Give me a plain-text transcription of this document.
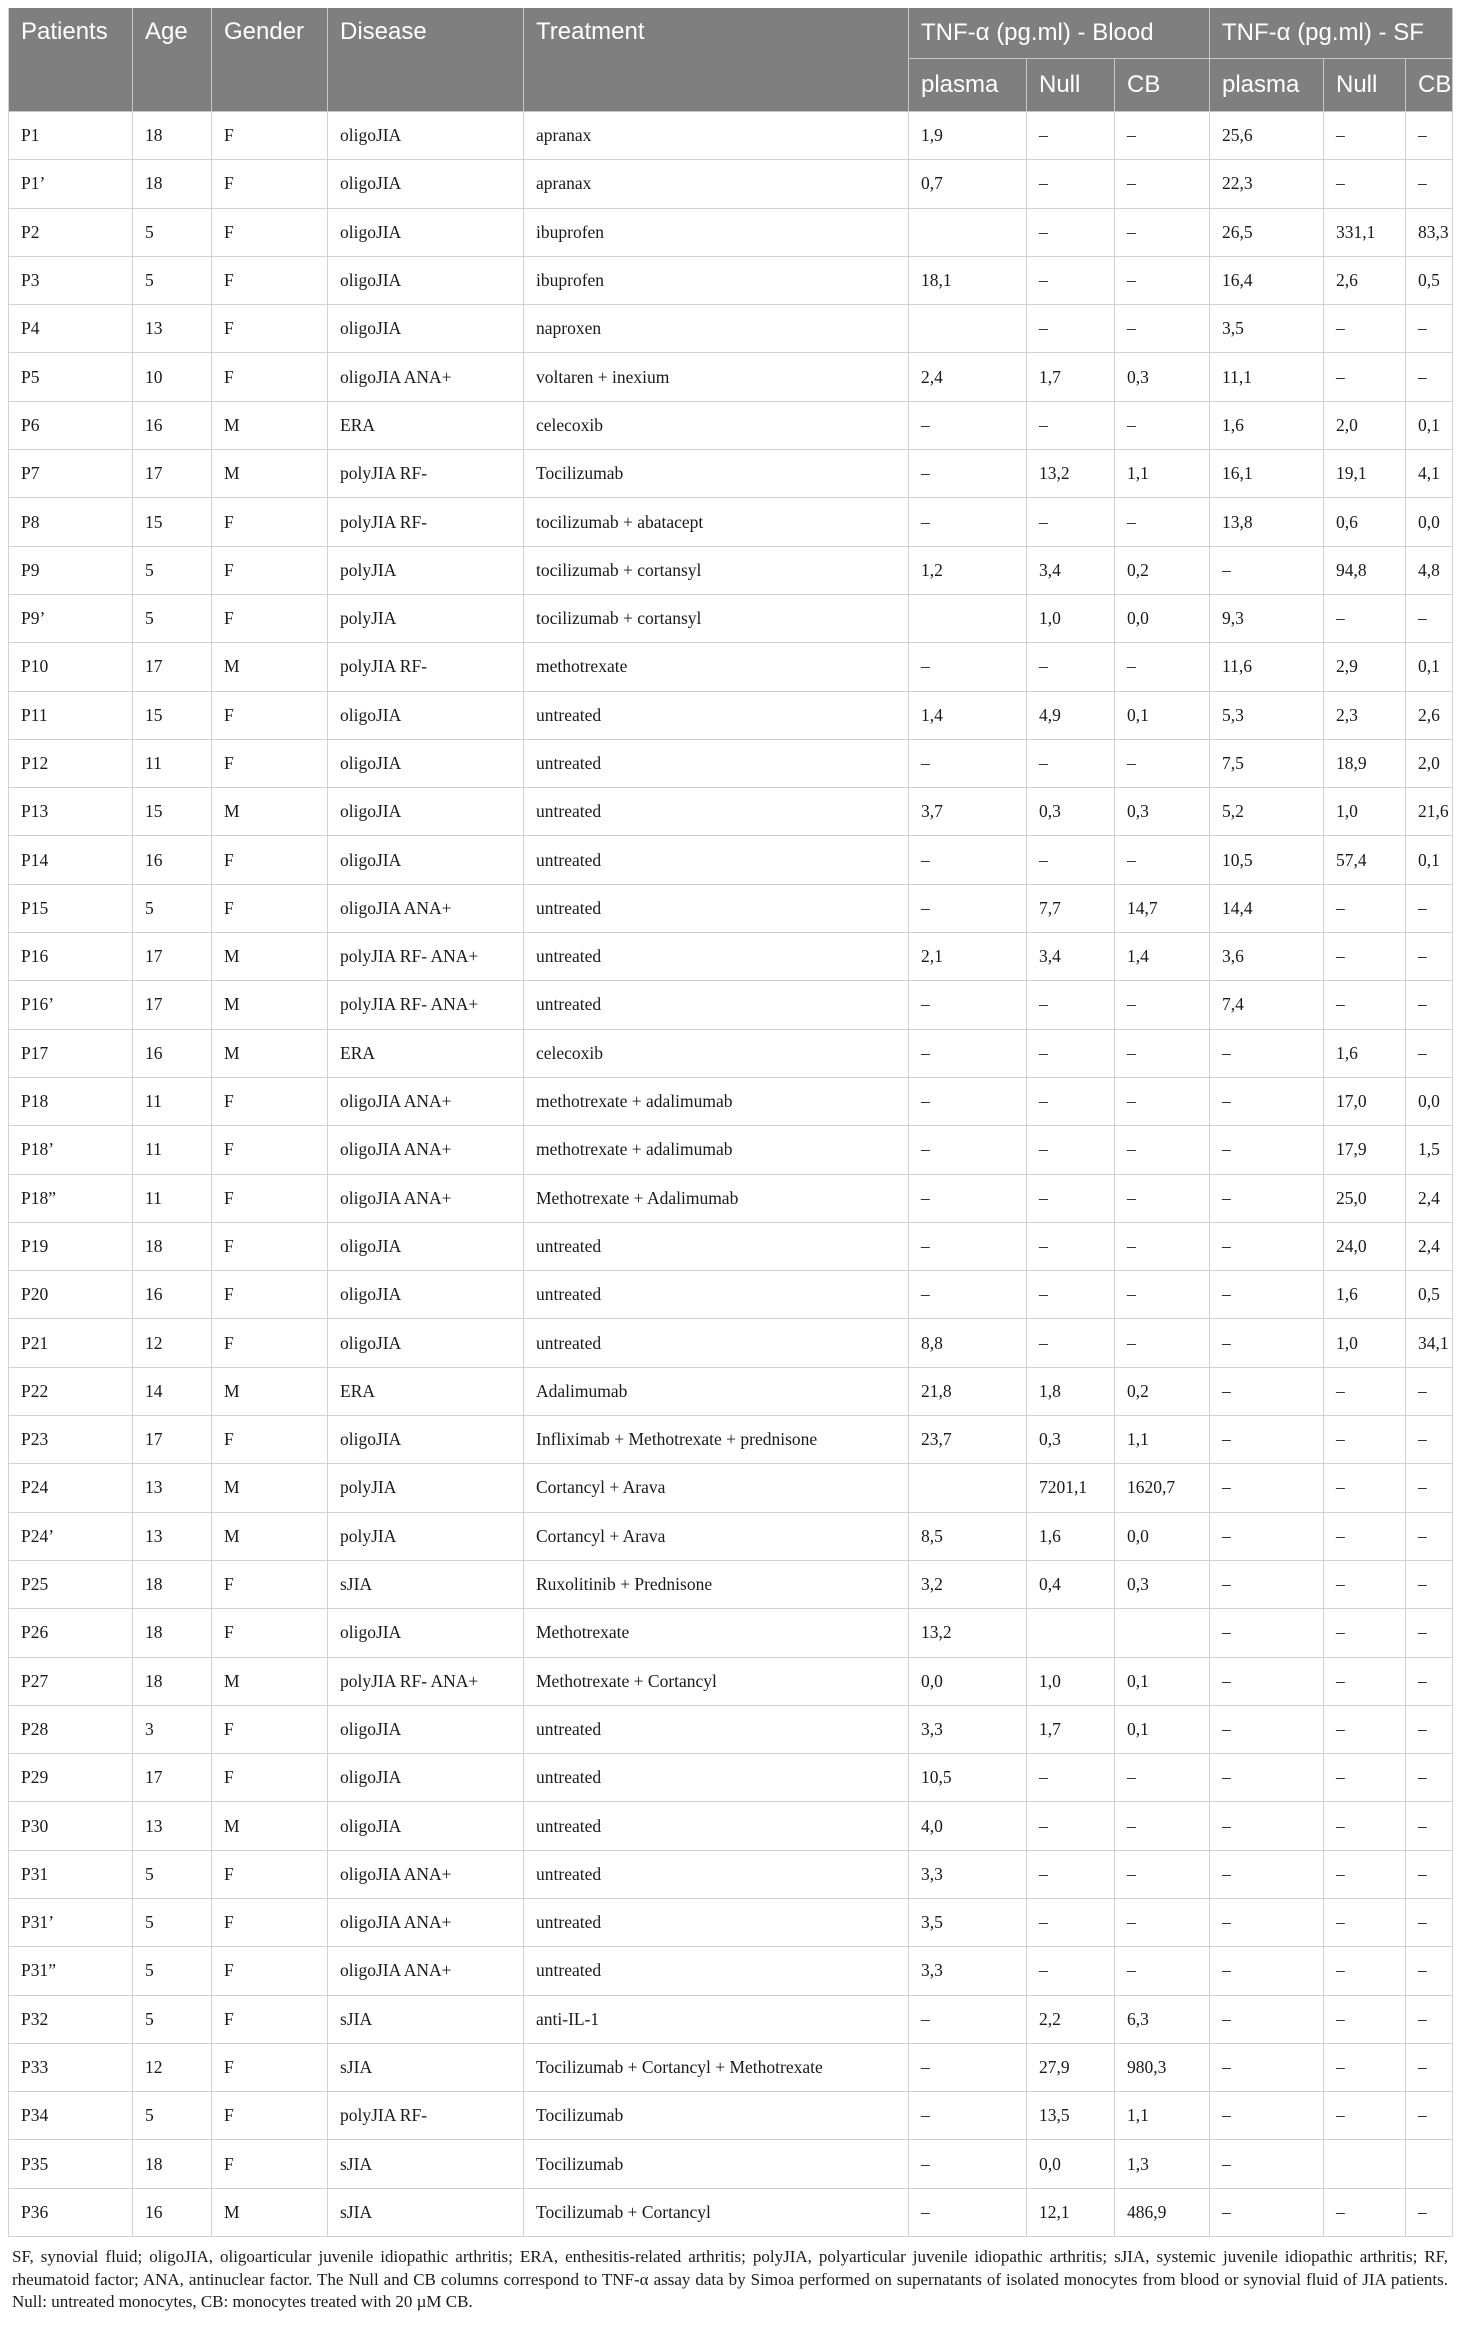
Patients	Age	Gender	Disease	Treatment	TNF-α (pg.ml) - Blood			TNF-α (pg.ml) - SF		
					plasma	Null	CB	plasma	Null	CB
P1	18	F	oligoJIA	apranax	1,9	–	–	25,6	–	–
P1’	18	F	oligoJIA	apranax	0,7	–	–	22,3	–	–
P2	5	F	oligoJIA	ibuprofen		–	–	26,5	331,1	83,3
P3	5	F	oligoJIA	ibuprofen	18,1	–	–	16,4	2,6	0,5
P4	13	F	oligoJIA	naproxen		–	–	3,5	–	–
P5	10	F	oligoJIA ANA+	voltaren + inexium	2,4	1,7	0,3	11,1	–	–
P6	16	M	ERA	celecoxib	–	–	–	1,6	2,0	0,1
P7	17	M	polyJIA RF-	Tocilizumab	–	13,2	1,1	16,1	19,1	4,1
P8	15	F	polyJIA RF-	tocilizumab + abatacept	–	–	–	13,8	0,6	0,0
P9	5	F	polyJIA	tocilizumab + cortansyl	1,2	3,4	0,2	–	94,8	4,8
P9’	5	F	polyJIA	tocilizumab + cortansyl		1,0	0,0	9,3	–	–
P10	17	M	polyJIA RF-	methotrexate	–	–	–	11,6	2,9	0,1
P11	15	F	oligoJIA	untreated	1,4	4,9	0,1	5,3	2,3	2,6
P12	11	F	oligoJIA	untreated	–	–	–	7,5	18,9	2,0
P13	15	M	oligoJIA	untreated	3,7	0,3	0,3	5,2	1,0	21,6
P14	16	F	oligoJIA	untreated	–	–	–	10,5	57,4	0,1
P15	5	F	oligoJIA ANA+	untreated	–	7,7	14,7	14,4	–	–
P16	17	M	polyJIA RF- ANA+	untreated	2,1	3,4	1,4	3,6	–	–
P16’	17	M	polyJIA RF- ANA+	untreated	–	–	–	7,4	–	–
P17	16	M	ERA	celecoxib	–	–	–	–	1,6	–
P18	11	F	oligoJIA ANA+	methotrexate + adalimumab	–	–	–	–	17,0	0,0
P18’	11	F	oligoJIA ANA+	methotrexate + adalimumab	–	–	–	–	17,9	1,5
P18”	11	F	oligoJIA ANA+	Methotrexate + Adalimumab	–	–	–	–	25,0	2,4
P19	18	F	oligoJIA	untreated	–	–	–	–	24,0	2,4
P20	16	F	oligoJIA	untreated	–	–	–	–	1,6	0,5
P21	12	F	oligoJIA	untreated	8,8	–	–	–	1,0	34,1
P22	14	M	ERA	Adalimumab	21,8	1,8	0,2	–	–	–
P23	17	F	oligoJIA	Infliximab + Methotrexate + prednisone	23,7	0,3	1,1	–	–	–
P24	13	M	polyJIA	Cortancyl + Arava		7201,1	1620,7	–	–	–
P24’	13	M	polyJIA	Cortancyl + Arava	8,5	1,6	0,0	–	–	–
P25	18	F	sJIA	Ruxolitinib + Prednisone	3,2	0,4	0,3	–	–	–
P26	18	F	oligoJIA	Methotrexate	13,2			–	–	–
P27	18	M	polyJIA RF- ANA+	Methotrexate + Cortancyl	0,0	1,0	0,1	–	–	–
P28	3	F	oligoJIA	untreated	3,3	1,7	0,1	–	–	–
P29	17	F	oligoJIA	untreated	10,5	–	–	–	–	–
P30	13	M	oligoJIA	untreated	4,0	–	–	–	–	–
P31	5	F	oligoJIA ANA+	untreated	3,3	–	–	–	–	–
P31’	5	F	oligoJIA ANA+	untreated	3,5	–	–	–	–	–
P31”	5	F	oligoJIA ANA+	untreated	3,3	–	–	–	–	–
P32	5	F	sJIA	anti-IL-1	–	2,2	6,3	–	–	–
P33	12	F	sJIA	Tocilizumab + Cortancyl + Methotrexate	–	27,9	980,3	–	–	–
P34	5	F	polyJIA RF-	Tocilizumab	–	13,5	1,1	–	–	–
P35	18	F	sJIA	Tocilizumab	–	0,0	1,3	–		
P36	16	M	sJIA	Tocilizumab + Cortancyl	–	12,1	486,9	–	–	–

SF, synovial fluid; oligoJIA, oligoarticular juvenile idiopathic arthritis; ERA, enthesitis-related arthritis; polyJIA, polyarticular juvenile idiopathic arthritis; sJIA, systemic juvenile idiopathic arthritis; RF, rheumatoid factor; ANA, antinuclear factor. The Null and CB columns correspond to TNF-α assay data by Simoa performed on supernatants of isolated monocytes from blood or synovial fluid of JIA patients. Null: untreated monocytes, CB: monocytes treated with 20 µM CB.
